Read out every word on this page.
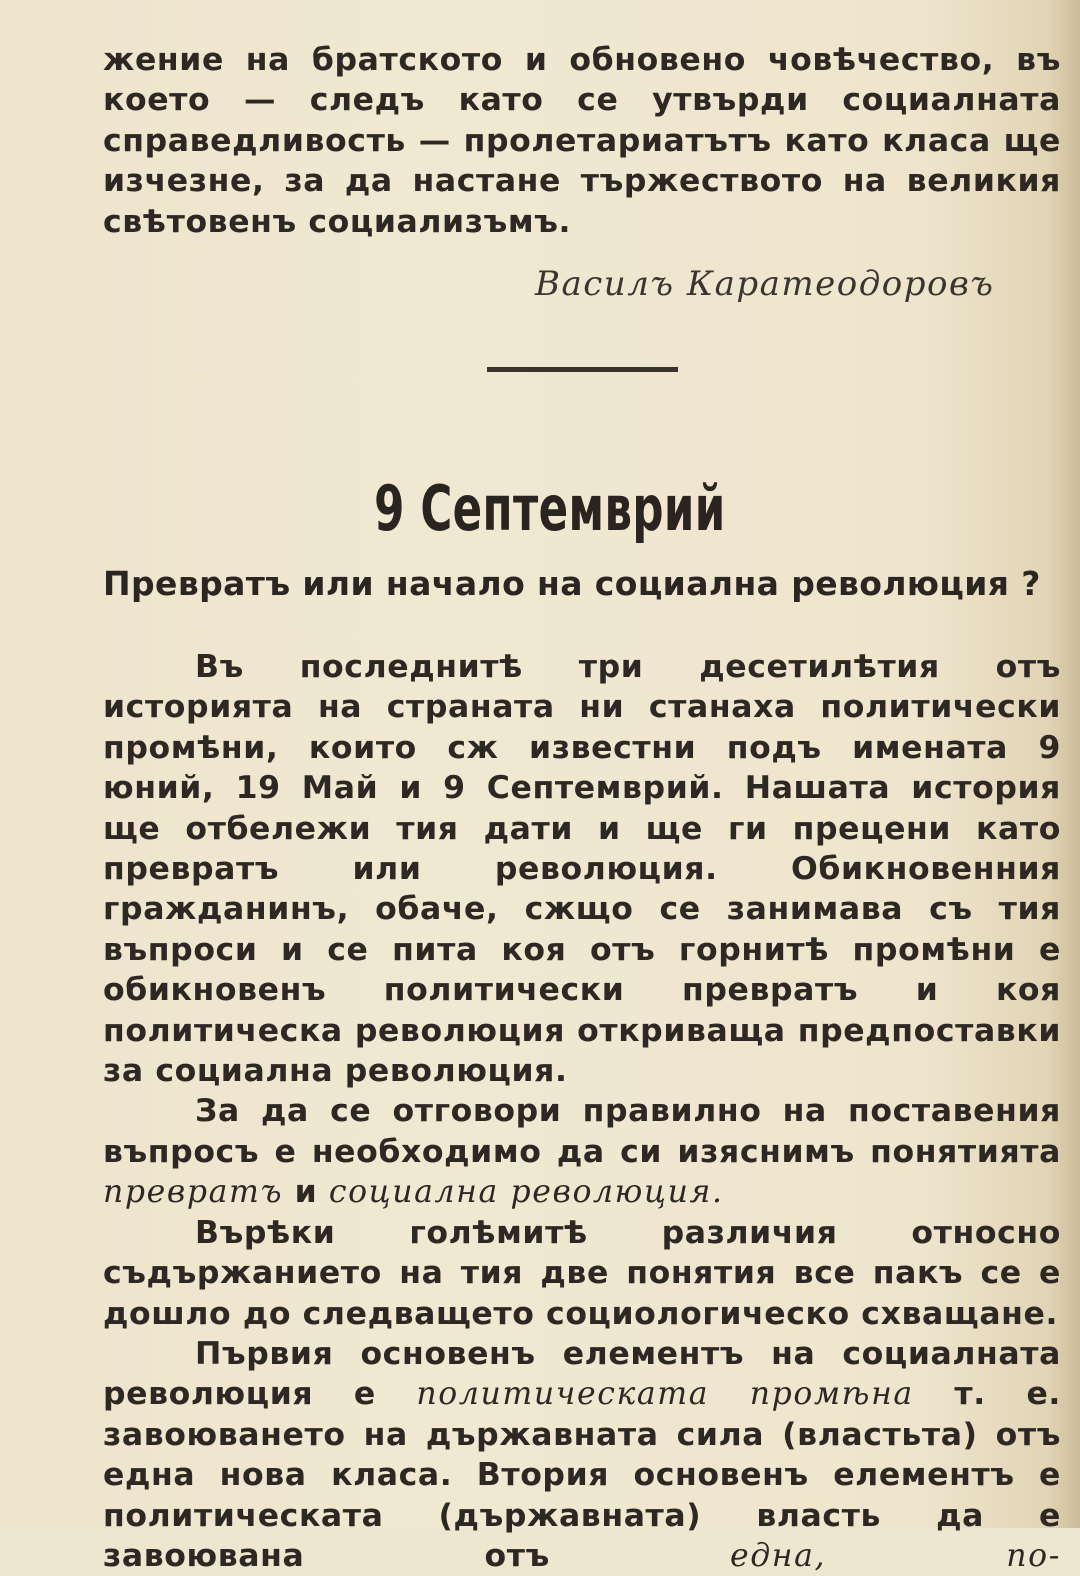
жение на братското и обновено човѣчество, въ което — следъ като се утвърди социалната справедливость — пролетариатътъ като класа ще изчезне, за да настане тържеството на великия свѣтовенъ социализъмъ.

Василъ Каратеодоровъ
9 Септемврий
Превратъ или начало на социална революция ?

Въ последнитѣ три десетилѣтия отъ историята на страната ни станаха политически промѣни, които сж известни подъ имената 9 юний, 19 Май и 9 Септемврий. Нашата история ще отбележи тия дати и ще ги прецени като превратъ или революция. Обикновенния гражданинъ, обаче, сжщо се занимава съ тия въпроси и се пита коя отъ горнитѣ промѣни е обикновенъ политически превратъ и коя политическа революция откриваща предпоставки за социална революция.

За да се отговори правилно на поставения въпросъ е необходимо да си изяснимъ понятията превратъ и социална революция.

Върѣки голѣмитѣ различия относно съдържанието на тия две понятия все пакъ се е дошло до следващето социологическо схващане.

Първия основенъ елементъ на социалната революция е политическата промѣна т. е. завоюването на държавната сила (властьта) отъ една нова класа. Втория основенъ елементъ е политическата (държавната) власть да е завоювана отъ	една, по-
